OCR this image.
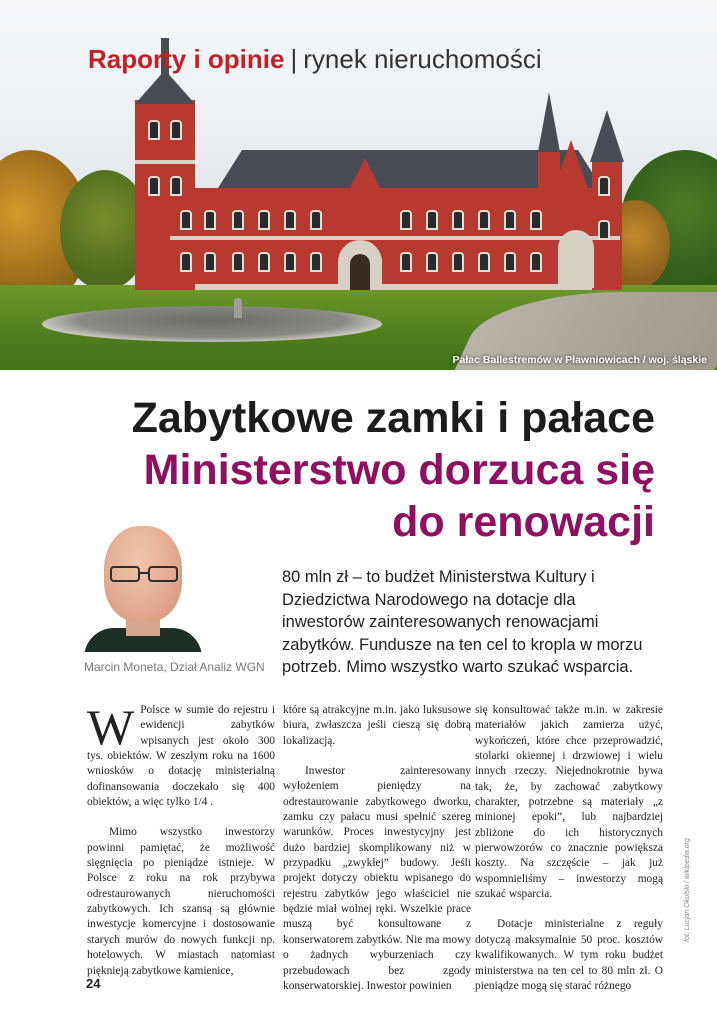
Raporty i opinie | rynek nieruchomości
Pałac Ballestremów w Pławniowicach / woj. śląskie
Zabytkowe zamki i pałace
Ministerstwo dorzuca się
do renowacji
Marcin Moneta, Dział Analiz WGN
80 mln zł – to budżet Ministerstwa Kultury i Dziedzictwa Narodowego na dotacje dla inwestorów zainteresowanych renowacjami zabytków. Fundusze na ten cel to kropla w morzu potrzeb. Mimo wszystko warto szukać wsparcia.
W Polsce w sumie do rejestru i ewidencji zabytków wpisanych jest około 300 tys. obiektów. W zeszłym roku na 1600 wniosków o dotację ministerialną dofinansowania doczekało się 400 obiektów, a więc tylko 1/4 .

Mimo wszystko inwestorzy powinni pamiętać, że możliwość sięgnięcia po pieniądze istnieje. W Polsce z roku na rok przybywa odrestaurowanych nieruchomości zabytkowych. Ich szansą są głównie inwestycje komercyjne i dostosowanie starych murów do nowych funkcji np. hotelowych. W miastach natomiast pięknieją zabytkowe kamienice,

które są atrakcyjne m.in. jako luksusowe biura, zwłaszcza jeśli cieszą się dobrą lokalizacją.

Inwestor zainteresowany wyłożeniem pieniędzy na odrestaurowanie zabytkowego dworku, zamku czy pałacu musi spełnić szereg warunków. Proces inwestycyjny jest dużo bardziej skomplikowany niż w przypadku „zwykłej” budowy. Jeśli projekt dotyczy obiektu wpisanego do rejestru zabytków jego właściciel nie będzie miał wolnej ręki. Wszelkie prace muszą być konsultowane z konserwatorem zabytków. Nie ma mowy o żadnych wyburzeniach czy przebudowach bez zgody konserwatorskiej. Inwestor powinien

się konsultować także m.in. w zakresie materiałów jakich zamierza użyć, wykończeń, które chce przeprowadzić, stolarki okiennej i drzwiowej i wielu innych rzeczy. Niejednokrotnie bywa tak, że, by zachować zabytkowy charakter, potrzebne są materiały „z minionej epoki”, lub najbardziej zbliżone do ich historycznych pierwowzorów co znacznie powiększa koszty. Na szczęście – jak już wspomnieliśmy – inwestorzy mogą szukać wsparcia.

Dotacje ministerialne z reguły dotyczą maksymalnie 50 proc. kosztów kwalifikowanych. W tym roku budżet ministerstwa na ten cel to 80 mln zł. O pieniądze mogą się starać różnego

24
fot. Lucjan Okulski / wikipedia.org
